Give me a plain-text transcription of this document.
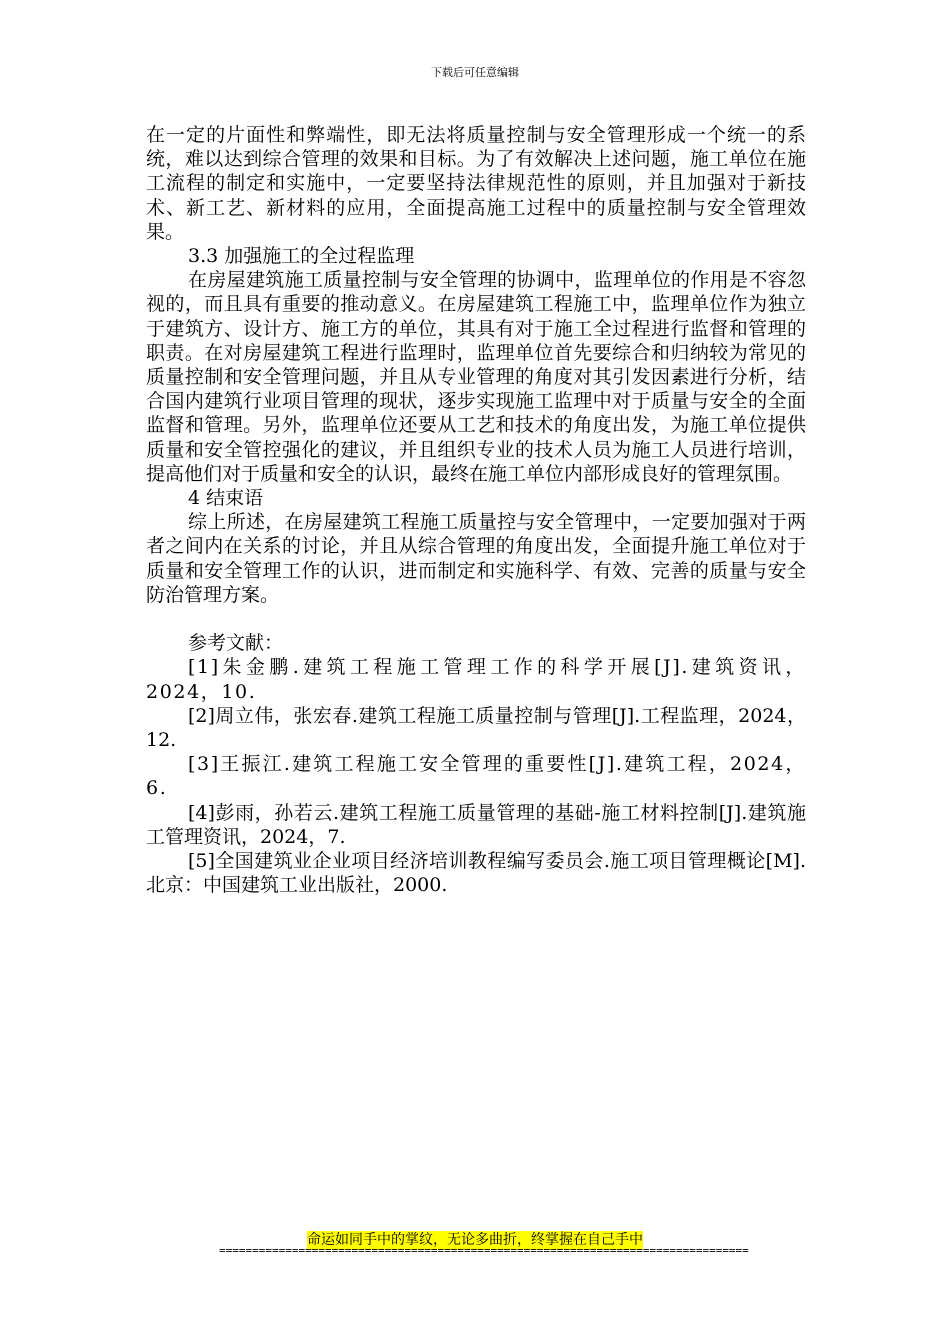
下载后可任意编辑

在一定的片面性和弊端性，即无法将质量控制与安全管理形成一个统一的系统，难以达到综合管理的效果和目标。为了有效解决上述问题，施工单位在施工流程的制定和实施中，一定要坚持法律规范性的原则，并且加强对于新技术、新工艺、新材料的应用，全面提高施工过程中的质量控制与安全管理效果。

3.3 加强施工的全过程监理

在房屋建筑施工质量控制与安全管理的协调中，监理单位的作用是不容忽视的，而且具有重要的推动意义。在房屋建筑工程施工中，监理单位作为独立于建筑方、设计方、施工方的单位，其具有对于施工全过程进行监督和管理的职责。在对房屋建筑工程进行监理时，监理单位首先要综合和归纳较为常见的质量控制和安全管理问题，并且从专业管理的角度对其引发因素进行分析，结合国内建筑行业项目管理的现状，逐步实现施工监理中对于质量与安全的全面监督和管理。另外，监理单位还要从工艺和技术的角度出发，为施工单位提供质量和安全管控强化的建议，并且组织专业的技术人员为施工人员进行培训，提高他们对于质量和安全的认识，最终在施工单位内部形成良好的管理氛围。

4 结束语

综上所述，在房屋建筑工程施工质量控与安全管理中，一定要加强对于两者之间内在关系的讨论，并且从综合管理的角度出发，全面提升施工单位对于质量和安全管理工作的认识，进而制定和实施科学、有效、完善的质量与安全防治管理方案。

参考文献：

[1]朱金鹏.建筑工程施工管理工作的科学开展[J].建筑资讯，2024，10.

[2]周立伟，张宏春.建筑工程施工质量控制与管理[J].工程监理，2024，12.

[3]王振江.建筑工程施工安全管理的重要性[J].建筑工程，2024，6.

[4]彭雨，孙若云.建筑工程施工质量管理的基础-施工材料控制[J].建筑施工管理资讯，2024，7.

[5]全国建筑业企业项目经济培训教程编写委员会.施工项目管理概论[M].北京：中国建筑工业出版社，2000.

命运如同手中的掌纹，无论多曲折，终掌握在自己手中
================================================================================
